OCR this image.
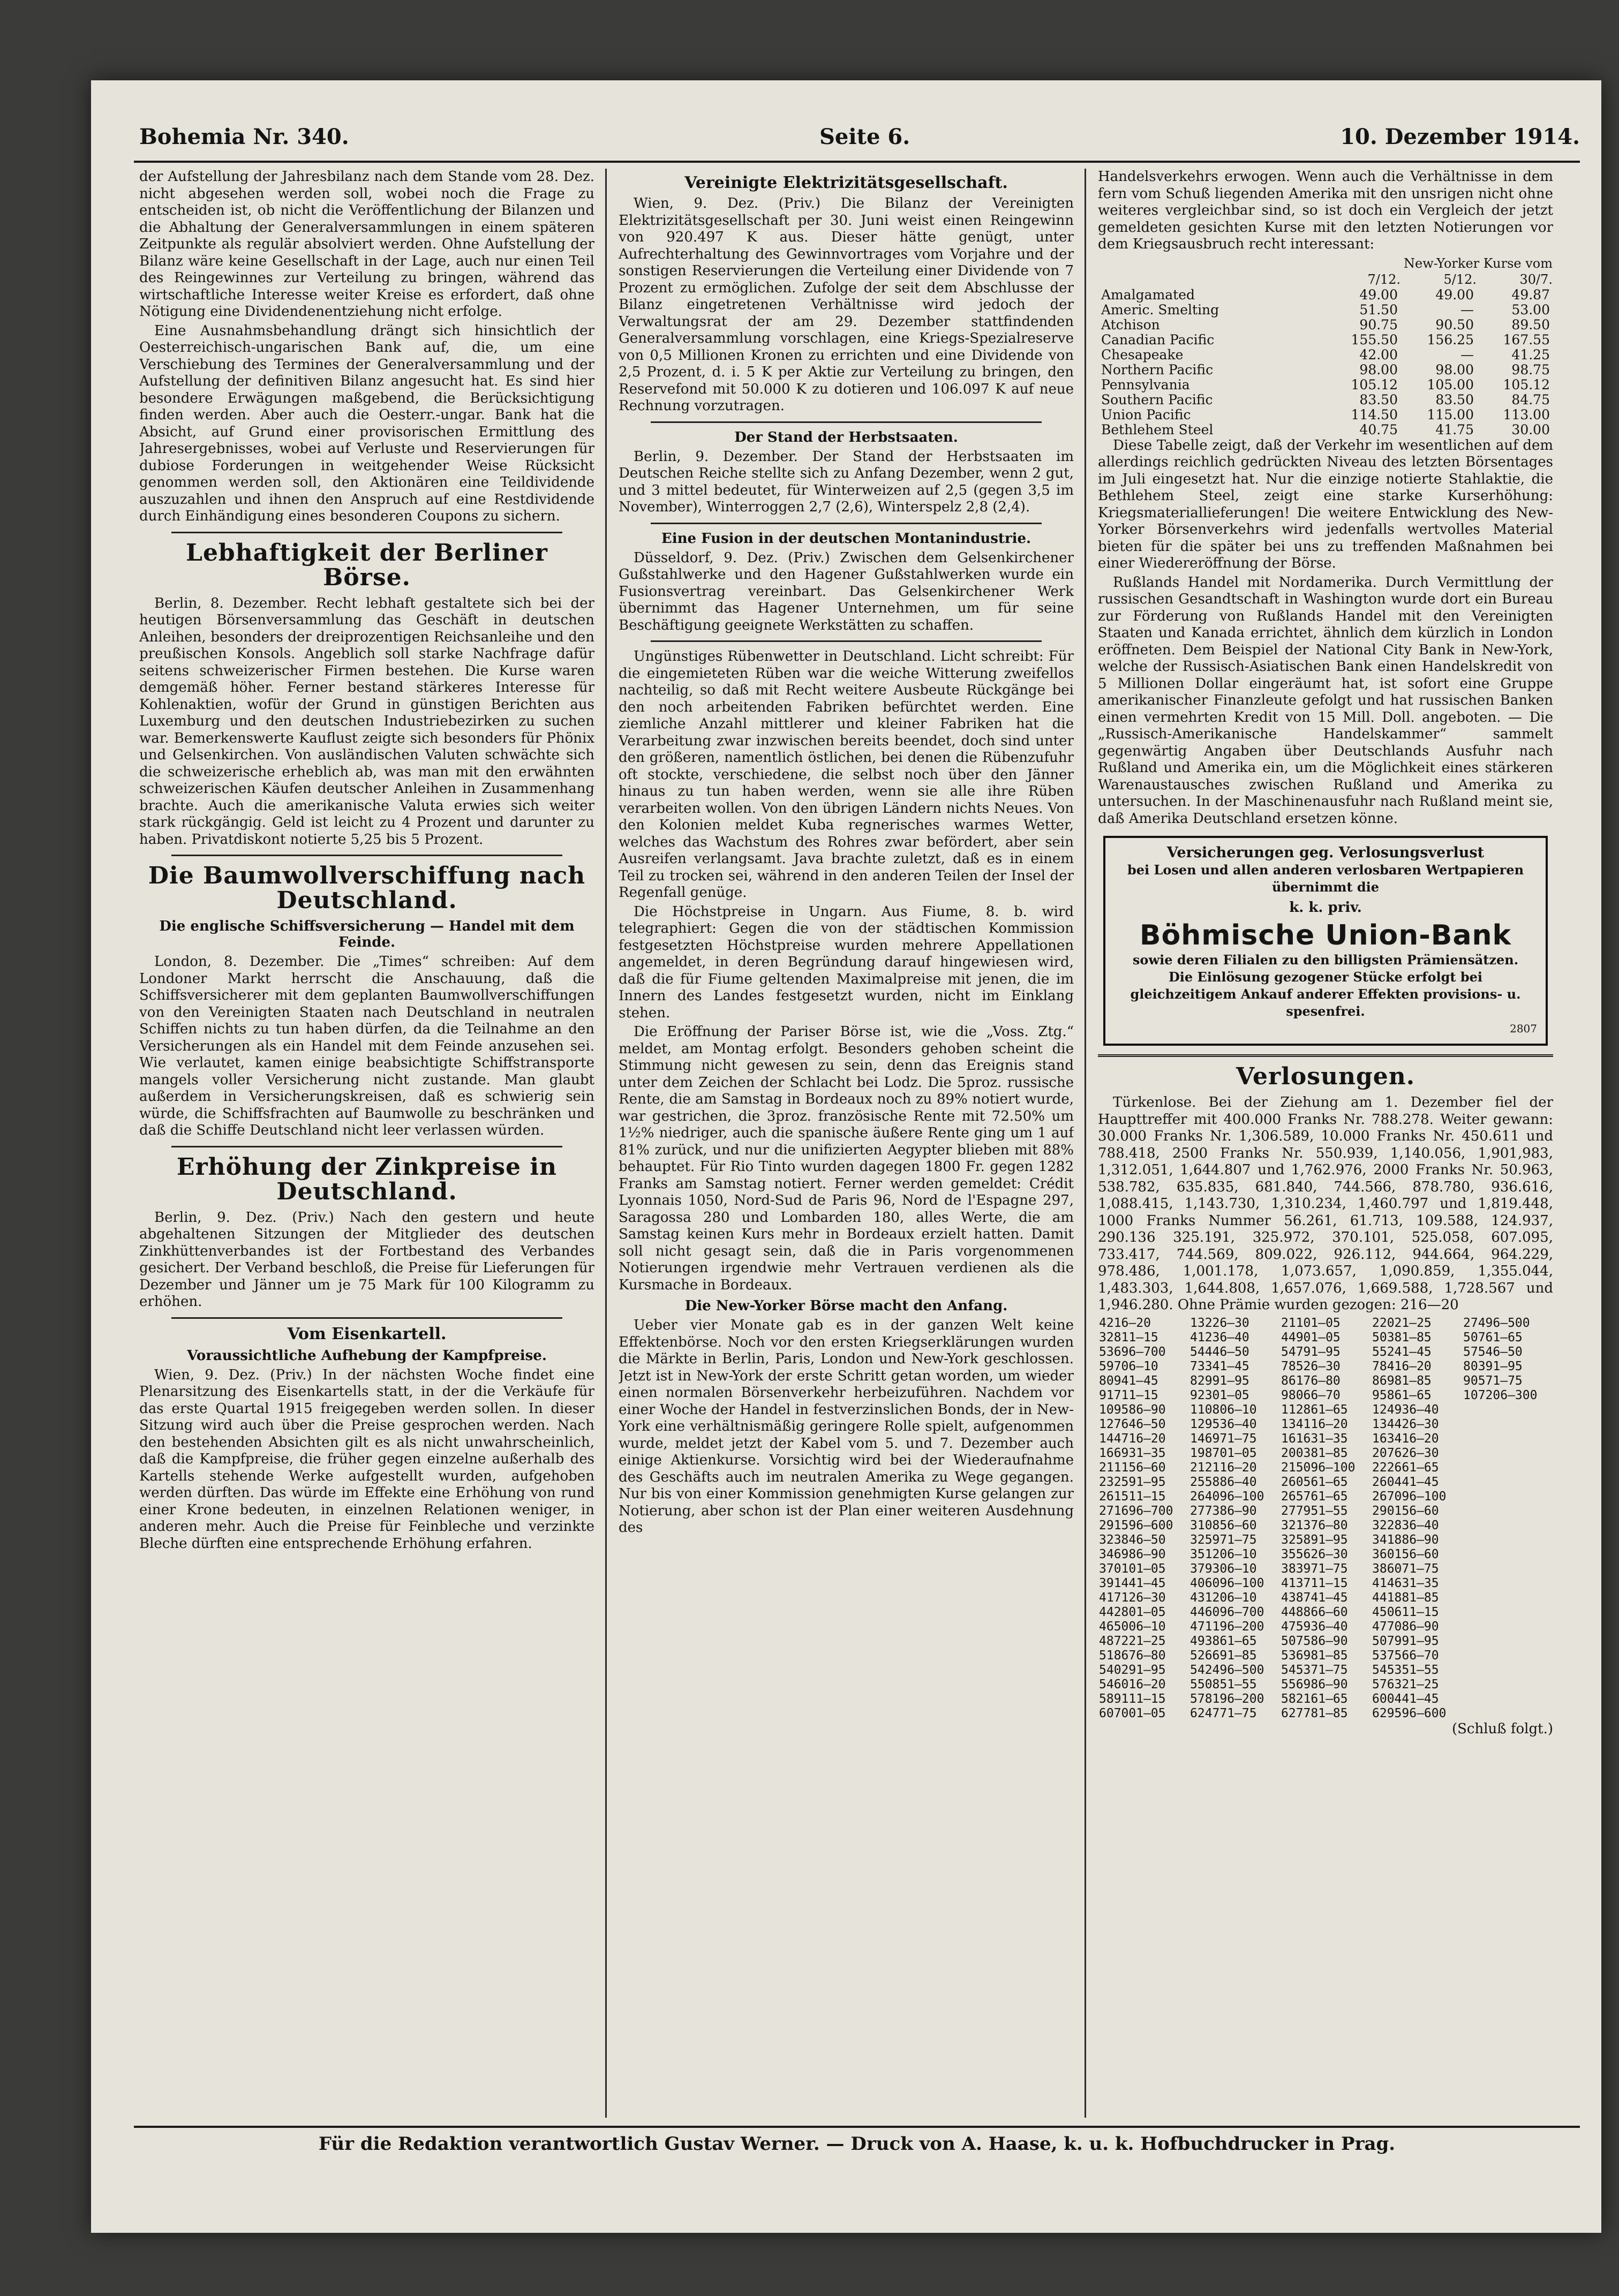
Bohemia Nr. 340.	Seite 6.	10. Dezember 1914.

der Aufstellung der Jahresbilanz nach dem Stande vom 28. Dez. nicht abgesehen werden soll, wobei noch die Frage zu entscheiden ist, ob nicht die Veröffentlichung der Bilanzen und die Abhaltung der Generalversammlungen in einem späteren Zeitpunkte als regulär absolviert werden. Ohne Aufstellung der Bilanz wäre keine Gesellschaft in der Lage, auch nur einen Teil des Reingewinnes zur Verteilung zu bringen, während das wirtschaftliche Interesse weiter Kreise es erfordert, daß ohne Nötigung eine Dividendenentziehung nicht erfolge.

Eine Ausnahmsbehandlung drängt sich hinsichtlich der Oesterreichisch-ungarischen Bank auf, die, um eine Verschiebung des Termines der Generalversammlung und der Aufstellung der definitiven Bilanz angesucht hat. Es sind hier besondere Erwägungen maßgebend, die Berücksichtigung finden werden. Aber auch die Oesterr.-ungar. Bank hat die Absicht, auf Grund einer provisorischen Ermittlung des Jahresergebnisses, wobei auf Verluste und Reservierungen für dubiose Forderungen in weitgehender Weise Rücksicht genommen werden soll, den Aktionären eine Teildividende auszuzahlen und ihnen den Anspruch auf eine Restdividende durch Einhändigung eines besonderen Coupons zu sichern.

Lebhaftigkeit der Berliner Börse.

Berlin, 8. Dezember. Recht lebhaft gestaltete sich bei der heutigen Börsenversammlung das Geschäft in deutschen Anleihen, besonders der dreiprozentigen Reichsanleihe und den preußischen Konsols. Angeblich soll starke Nachfrage dafür seitens schweizerischer Firmen bestehen. Die Kurse waren demgemäß höher. Ferner bestand stärkeres Interesse für Kohlenaktien, wofür der Grund in günstigen Berichten aus Luxemburg und den deutschen Industriebezirken zu suchen war. Bemerkenswerte Kauflust zeigte sich besonders für Phönix und Gelsenkirchen. Von ausländischen Valuten schwächte sich die schweizerische erheblich ab, was man mit den erwähnten schweizerischen Käufen deutscher Anleihen in Zusammenhang brachte. Auch die amerikanische Valuta erwies sich weiter stark rückgängig. Geld ist leicht zu 4 Prozent und darunter zu haben. Privatdiskont notierte 5,25 bis 5 Prozent.

Die Baumwollverschiffung nach Deutschland.
Die englische Schiffsversicherung — Handel mit dem Feinde.

London, 8. Dezember. Die „Times“ schreiben: Auf dem Londoner Markt herrscht die Anschauung, daß die Schiffsversicherer mit dem geplanten Baumwollverschiffungen von den Vereinigten Staaten nach Deutschland in neutralen Schiffen nichts zu tun haben dürfen, da die Teilnahme an den Versicherungen als ein Handel mit dem Feinde anzusehen sei. Wie verlautet, kamen einige beabsichtigte Schiffstransporte mangels voller Versicherung nicht zustande. Man glaubt außerdem in Versicherungskreisen, daß es schwierig sein würde, die Schiffsfrachten auf Baumwolle zu beschränken und daß die Schiffe Deutschland nicht leer verlassen würden.

Erhöhung der Zinkpreise in Deutschland.

Berlin, 9. Dez. (Priv.) Nach den gestern und heute abgehaltenen Sitzungen der Mitglieder des deutschen Zinkhüttenverbandes ist der Fortbestand des Verbandes gesichert. Der Verband beschloß, die Preise für Lieferungen für Dezember und Jänner um je 75 Mark für 100 Kilogramm zu erhöhen.

Vom Eisenkartell.
Voraussichtliche Aufhebung der Kampfpreise.

Wien, 9. Dez. (Priv.) In der nächsten Woche findet eine Plenarsitzung des Eisenkartells statt, in der die Verkäufe für das erste Quartal 1915 freigegeben werden sollen. In dieser Sitzung wird auch über die Preise gesprochen werden. Nach den bestehenden Absichten gilt es als nicht unwahrscheinlich, daß die Kampfpreise, die früher gegen einzelne außerhalb des Kartells stehende Werke aufgestellt wurden, aufgehoben werden dürften. Das würde im Effekte eine Erhöhung von rund einer Krone bedeuten, in einzelnen Relationen weniger, in anderen mehr. Auch die Preise für Feinbleche und verzinkte Bleche dürften eine entsprechende Erhöhung erfahren.

Vereinigte Elektrizitätsgesellschaft.

Wien, 9. Dez. (Priv.) Die Bilanz der Vereinigten Elektrizitätsgesellschaft per 30. Juni weist einen Reingewinn von 920.497 K aus. Dieser hätte genügt, unter Aufrechterhaltung des Gewinnvortrages vom Vorjahre und der sonstigen Reservierungen die Verteilung einer Dividende von 7 Prozent zu ermöglichen. Zufolge der seit dem Abschlusse der Bilanz eingetretenen Verhältnisse wird jedoch der Verwaltungsrat der am 29. Dezember stattfindenden Generalversammlung vorschlagen, eine Kriegs-Spezialreserve von 0,5 Millionen Kronen zu errichten und eine Dividende von 2,5 Prozent, d. i. 5 K per Aktie zur Verteilung zu bringen, den Reservefond mit 50.000 K zu dotieren und 106.097 K auf neue Rechnung vorzutragen.

Der Stand der Herbstsaaten.

Berlin, 9. Dezember. Der Stand der Herbstsaaten im Deutschen Reiche stellte sich zu Anfang Dezember, wenn 2 gut, und 3 mittel bedeutet, für Winterweizen auf 2,5 (gegen 3,5 im November), Winterroggen 2,7 (2,6), Winterspelz 2,8 (2,4).

Eine Fusion in der deutschen Montanindustrie.

Düsseldorf, 9. Dez. (Priv.) Zwischen dem Gelsenkirchener Gußstahlwerke und den Hagener Gußstahlwerken wurde ein Fusionsvertrag vereinbart. Das Gelsenkirchener Werk übernimmt das Hagener Unternehmen, um für seine Beschäftigung geeignete Werkstätten zu schaffen.

Ungünstiges Rübenwetter in Deutschland. Licht schreibt: Für die eingemieteten Rüben war die weiche Witterung zweifellos nachteilig, so daß mit Recht weitere Ausbeute Rückgänge bei den noch arbeitenden Fabriken befürchtet werden. Eine ziemliche Anzahl mittlerer und kleiner Fabriken hat die Verarbeitung zwar inzwischen bereits beendet, doch sind unter den größeren, namentlich östlichen, bei denen die Rübenzufuhr oft stockte, verschiedene, die selbst noch über den Jänner hinaus zu tun haben werden, wenn sie alle ihre Rüben verarbeiten wollen. Von den übrigen Ländern nichts Neues. Von den Kolonien meldet Kuba regnerisches warmes Wetter, welches das Wachstum des Rohres zwar befördert, aber sein Ausreifen verlangsamt. Java brachte zuletzt, daß es in einem Teil zu trocken sei, während in den anderen Teilen der Insel der Regenfall genüge.

Die Höchstpreise in Ungarn. Aus Fiume, 8. b. wird telegraphiert: Gegen die von der städtischen Kommission festgesetzten Höchstpreise wurden mehrere Appellationen angemeldet, in deren Begründung darauf hingewiesen wird, daß die für Fiume geltenden Maximalpreise mit jenen, die im Innern des Landes festgesetzt wurden, nicht im Einklang stehen.

Die Eröffnung der Pariser Börse ist, wie die „Voss. Ztg.“ meldet, am Montag erfolgt. Besonders gehoben scheint die Stimmung nicht gewesen zu sein, denn das Ereignis stand unter dem Zeichen der Schlacht bei Lodz. Die 5proz. russische Rente, die am Samstag in Bordeaux noch zu 89% notiert wurde, war gestrichen, die 3proz. französische Rente mit 72.50% um 1½% niedriger, auch die spanische äußere Rente ging um 1 auf 81% zurück, und nur die unifizierten Aegypter blieben mit 88% behauptet. Für Rio Tinto wurden dagegen 1800 Fr. gegen 1282 Franks am Samstag notiert. Ferner werden gemeldet: Crédit Lyonnais 1050, Nord-Sud de Paris 96, Nord de l'Espagne 297, Saragossa 280 und Lombarden 180, alles Werte, die am Samstag keinen Kurs mehr in Bordeaux erzielt hatten. Damit soll nicht gesagt sein, daß die in Paris vorgenommenen Notierungen irgendwie mehr Vertrauen verdienen als die Kursmache in Bordeaux.

Die New-Yorker Börse macht den Anfang.

Ueber vier Monate gab es in der ganzen Welt keine Effektenbörse. Noch vor den ersten Kriegserklärungen wurden die Märkte in Berlin, Paris, London und New-York geschlossen. Jetzt ist in New-York der erste Schritt getan worden, um wieder einen normalen Börsenverkehr herbeizuführen. Nachdem vor einer Woche der Handel in festverzinslichen Bonds, der in New-York eine verhältnismäßig geringere Rolle spielt, aufgenommen wurde, meldet jetzt der Kabel vom 5. und 7. Dezember auch einige Aktienkurse. Vorsichtig wird bei der Wiederaufnahme des Geschäfts auch im neutralen Amerika zu Wege gegangen. Nur bis von einer Kommission genehmigten Kurse gelangen zur Notierung, aber schon ist der Plan einer weiteren Ausdehnung des

Handelsverkehrs erwogen. Wenn auch die Verhältnisse in dem fern vom Schuß liegenden Amerika mit den unsrigen nicht ohne weiteres vergleichbar sind, so ist doch ein Vergleich der jetzt gemeldeten gesichten Kurse mit den letzten Notierungen vor dem Kriegsausbruch recht interessant:

	New-Yorker Kurse vom		
	7/12.	5/12.	30/7.
Amalgamated	49.00	49.00	49.87
Americ. Smelting	51.50	—	53.00
Atchison	90.75	90.50	89.50
Canadian Pacific	155.50	156.25	167.55
Chesapeake	42.00	—	41.25
Northern Pacific	98.00	98.00	98.75
Pennsylvania	105.12	105.00	105.12
Southern Pacific	83.50	83.50	84.75
Union Pacific	114.50	115.00	113.00
Bethlehem Steel	40.75	41.75	30.00

Diese Tabelle zeigt, daß der Verkehr im wesentlichen auf dem allerdings reichlich gedrückten Niveau des letzten Börsentages im Juli eingesetzt hat. Nur die einzige notierte Stahlaktie, die Bethlehem Steel, zeigt eine starke Kurserhöhung: Kriegsmateriallieferungen! Die weitere Entwicklung des New-Yorker Börsenverkehrs wird jedenfalls wertvolles Material bieten für die später bei uns zu treffenden Maßnahmen bei einer Wiedereröffnung der Börse.

Rußlands Handel mit Nordamerika. Durch Vermittlung der russischen Gesandtschaft in Washington wurde dort ein Bureau zur Förderung von Rußlands Handel mit den Vereinigten Staaten und Kanada errichtet, ähnlich dem kürzlich in London eröffneten. Dem Beispiel der National City Bank in New-York, welche der Russisch-Asiatischen Bank einen Handelskredit von 5 Millionen Dollar eingeräumt hat, ist sofort eine Gruppe amerikanischer Finanzleute gefolgt und hat russischen Banken einen vermehrten Kredit von 15 Mill. Doll. angeboten. — Die „Russisch-Amerikanische Handelskammer“ sammelt gegenwärtig Angaben über Deutschlands Ausfuhr nach Rußland und Amerika ein, um die Möglichkeit eines stärkeren Warenaustausches zwischen Rußland und Amerika zu untersuchen. In der Maschinenausfuhr nach Rußland meint sie, daß Amerika Deutschland ersetzen könne.

Versicherungen geg. Verlosungsverlust
bei Losen und allen anderen verlosbaren Wertpapieren übernimmt die
k. k. priv.
Böhmische Union-Bank
sowie deren Filialen zu den billigsten Prämiensätzen.
Die Einlösung gezogener Stücke erfolgt bei gleichzeitigem Ankauf anderer Effekten provisions- u. spesenfrei.
2807
Verlosungen.

Türkenlose. Bei der Ziehung am 1. Dezember fiel der Haupttreffer mit 400.000 Franks Nr. 788.278. Weiter gewann: 30.000 Franks Nr. 1,306.589, 10.000 Franks Nr. 450.611 und 788.418, 2500 Franks Nr. 550.939, 1,140.056, 1,901,983, 1,312.051, 1,644.807 und 1,762.976, 2000 Franks Nr. 50.963, 538.782, 635.835, 681.840, 744.566, 878.780, 936.616, 1,088.415, 1,143.730, 1,310.234, 1,460.797 und 1,819.448, 1000 Franks Nummer 56.261, 61.713, 109.588, 124.937, 290.136 325.191, 325.972, 370.101, 525.058, 607.095, 733.417, 744.569, 809.022, 926.112, 944.664, 964.229, 978.486, 1,001.178, 1,073.657, 1,090.859, 1,355.044, 1,483.303, 1,644.808, 1,657.076, 1,669.588, 1,728.567 und 1,946.280. Ohne Prämie wurden gezogen: 216—20

4216—20	13226—30	21101—05	22021—25	27496—500
32811—15	41236—40	44901—05	50381—85	50761—65
53696—700	54446—50	54791—95	55241—45	57546—50
59706—10	73341—45	78526—30	78416—20	80391—95
80941—45	82991—95	86176—80	86981—85	90571—75
91711—15	92301—05	98066—70	95861—65	107206—300
109586—90	110806—10	112861—65	124936—40	
127646—50	129536—40	134116—20	134426—30	
144716—20	146971—75	161631—35	163416—20	
166931—35	198701—05	200381—85	207626—30	
211156—60	212116—20	215096—100	222661—65	
232591—95	255886—40	260561—65	260441—45	
261511—15	264096—100	265761—65	267096—100	
271696—700	277386—90	277951—55	290156—60	
291596—600	310856—60	321376—80	322836—40	
323846—50	325971—75	325891—95	341886—90	
346986—90	351206—10	355626—30	360156—60	
370101—05	379306—10	383971—75	386071—75	
391441—45	406096—100	413711—15	414631—35	
417126—30	431206—10	438741—45	441881—85	
442801—05	446096—700	448866—60	450611—15	
465006—10	471196—200	475936—40	477086—90	
487221—25	493861—65	507586—90	507991—95	
518676—80	526691—85	536981—85	537566—70	
540291—95	542496—500	545371—75	545351—55	
546016—20	550851—55	556986—90	576321—25	
589111—15	578196—200	582161—65	600441—45	
607001—05	624771—75	627781—85	629596—600	
(Schluß folgt.)
Für die Redaktion verantwortlich Gustav Werner. — Druck von A. Haase, k. u. k. Hofbuchdrucker in Prag.
